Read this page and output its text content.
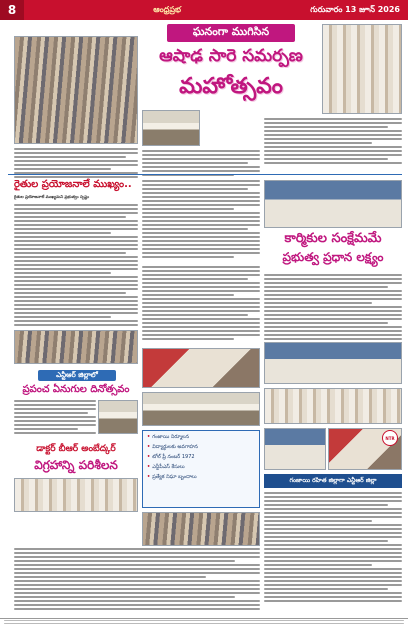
8	ఆంధ్రప్రభ	గురువారం 13 జూన్ 2026
ఘనంగా ముగిసిన
ఆషాఢ సారె సమర్పణ
మహోత్సవం
రైతుల ప్రయోజనాలే ముఖ్యం..
రైతుల ప్రయోజనాలే ముఖ్యమని ప్రభుత్వం స్పష్టం
కార్మికుల సంక్షేమమే
ప్రభుత్వ ప్రధాన లక్ష్యం
ఎన్టీఆర్ జిల్లాలో
ప్రపంచ ఏనుగుల దినోత్సవం
• గంజాయి నిర్మూలన
• విద్యార్థులకు అవగాహన
• టోల్ ఫ్రీ నంబర్ 1972
• ఎన్డీపీఎస్ కేసులు
• ప్రత్యేక నిఘా బృందాలు
NTR
గంజాయి రహిత జిల్లాగా ఎన్టీఆర్ జిల్లా
డాక్టర్ బీఆర్ అంబేద్కర్
విగ్రహాన్ని పరిశీలన
